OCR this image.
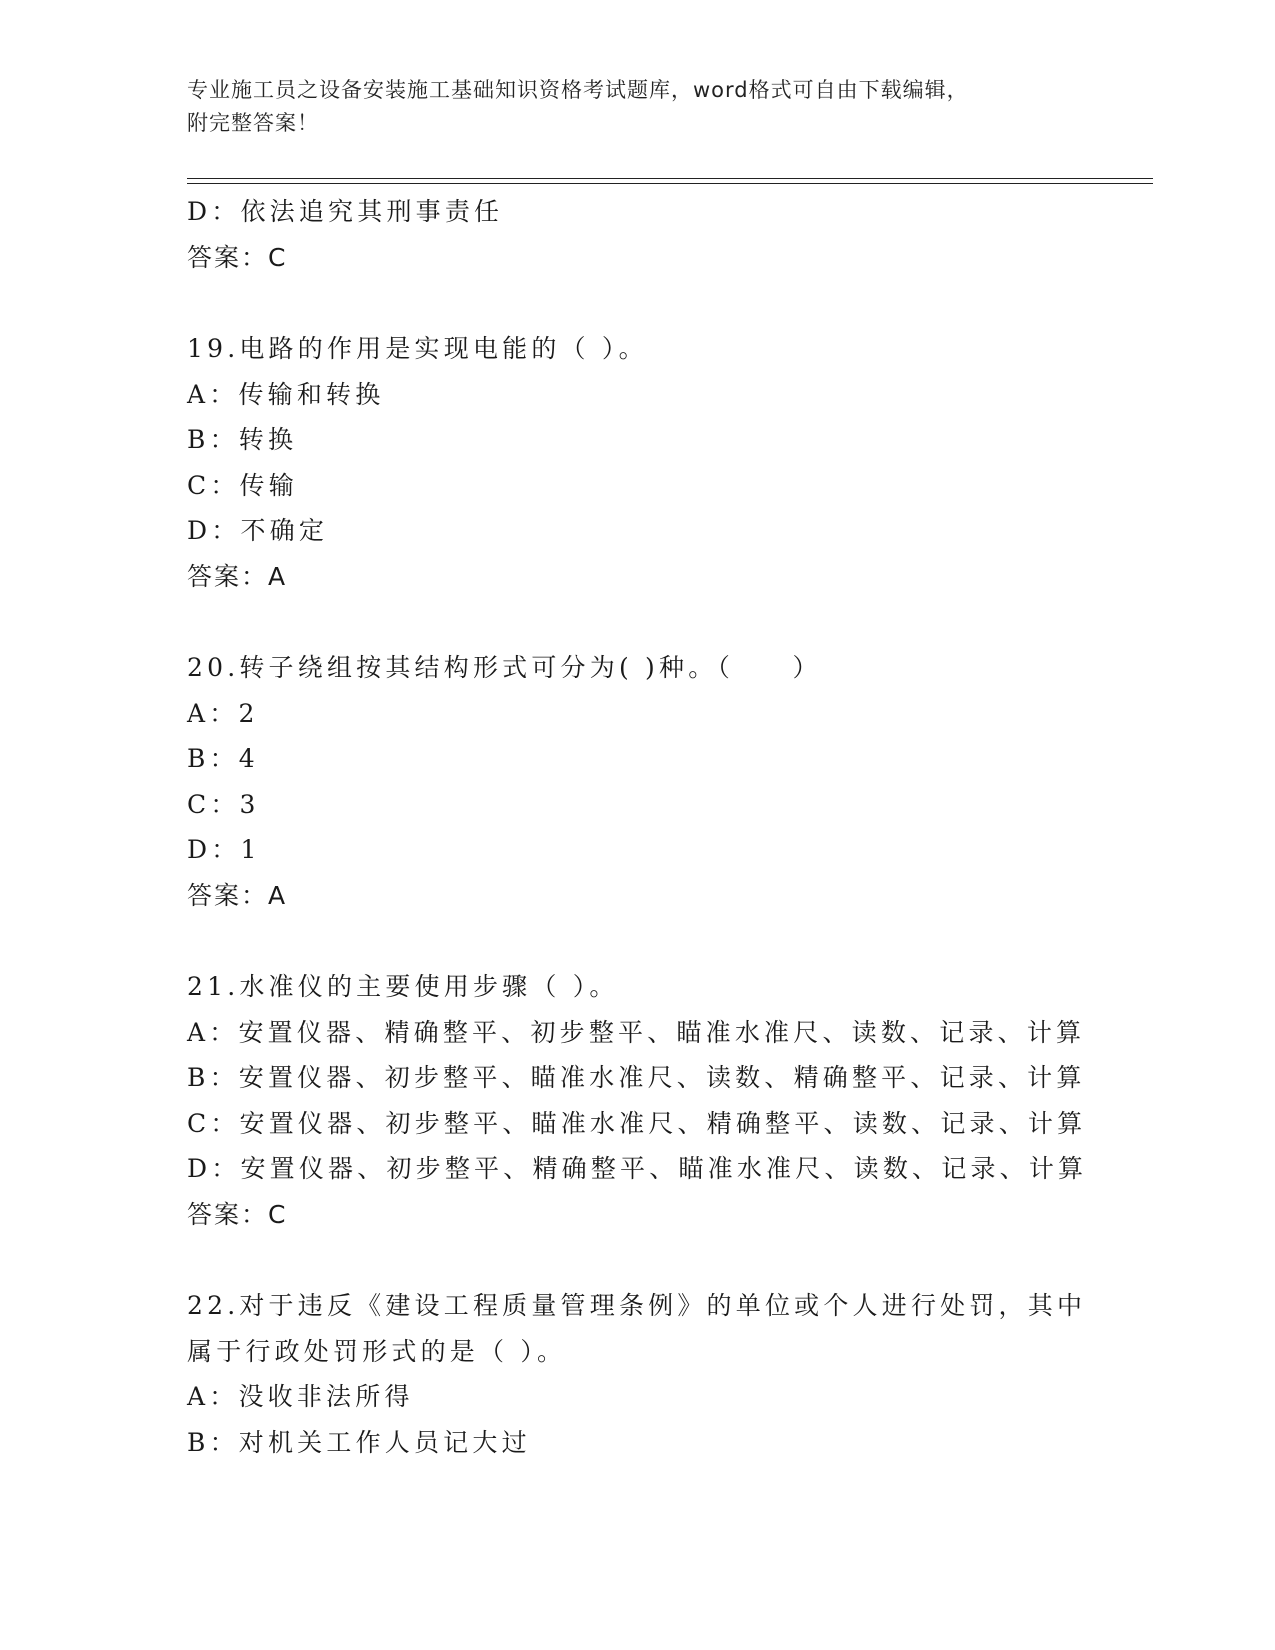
专业施工员之设备安装施工基础知识资格考试题库，word格式可自由下载编辑，
附完整答案！
D：依法追究其刑事责任
答案：C
19.电路的作用是实现电能的（ ）。
A：传输和转换
B：转换
C：传输
D：不确定
答案：A
20.转子绕组按其结构形式可分为( )种。（　　）
A：2
B：4
C：3
D：1
答案：A
21.水准仪的主要使用步骤（ ）。
A：安置仪器、精确整平、初步整平、瞄准水准尺、读数、记录、计算
B：安置仪器、初步整平、瞄准水准尺、读数、精确整平、记录、计算
C：安置仪器、初步整平、瞄准水准尺、精确整平、读数、记录、计算
D：安置仪器、初步整平、精确整平、瞄准水准尺、读数、记录、计算
答案：C
22.对于违反《建设工程质量管理条例》的单位或个人进行处罚，其中
属于行政处罚形式的是（ ）。
A：没收非法所得
B：对机关工作人员记大过
